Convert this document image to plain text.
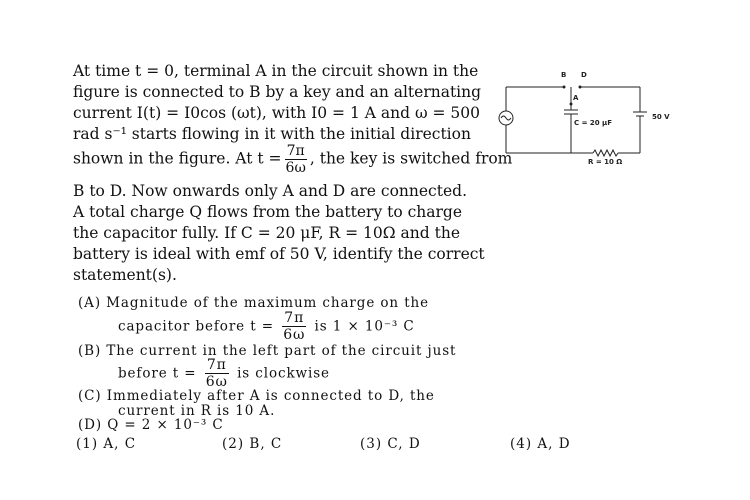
At time t = 0, terminal A in the circuit shown in the

figure is connected to B by a key and an alternating

current I(t) = I0cos (ωt), with I0 = 1 A and ω = 500

rad s⁻¹ starts flowing in it with the initial direction

shown in the figure. At $t = \frac{7\pi}{6\omega}$ , the key is switched from

B to D. Now onwards only A and D are connected.

A total charge Q flows from the battery to charge

the capacitor fully. If C = 20 μF, R = 10Ω and the

battery is ideal with emf of 50 V, identify the correct

statement(s).

(A) Magnitude of the maximum charge on the
capacitor before $t = \frac{7\pi}{6\omega}$ is 1 × 10⁻³ C
(B) The current in the left part of the circuit just
before $t = \frac{7\pi}{6\omega}$ is clockwise
(C) Immediately after A is connected to D, the
current in R is 10 A.
(D) Q = 2 × 10⁻³ C
(1) A, C	(2) B, C	(3) C, D	(4) A, D
B D
A
C = 20 μF
R = 10 Ω
50 V
